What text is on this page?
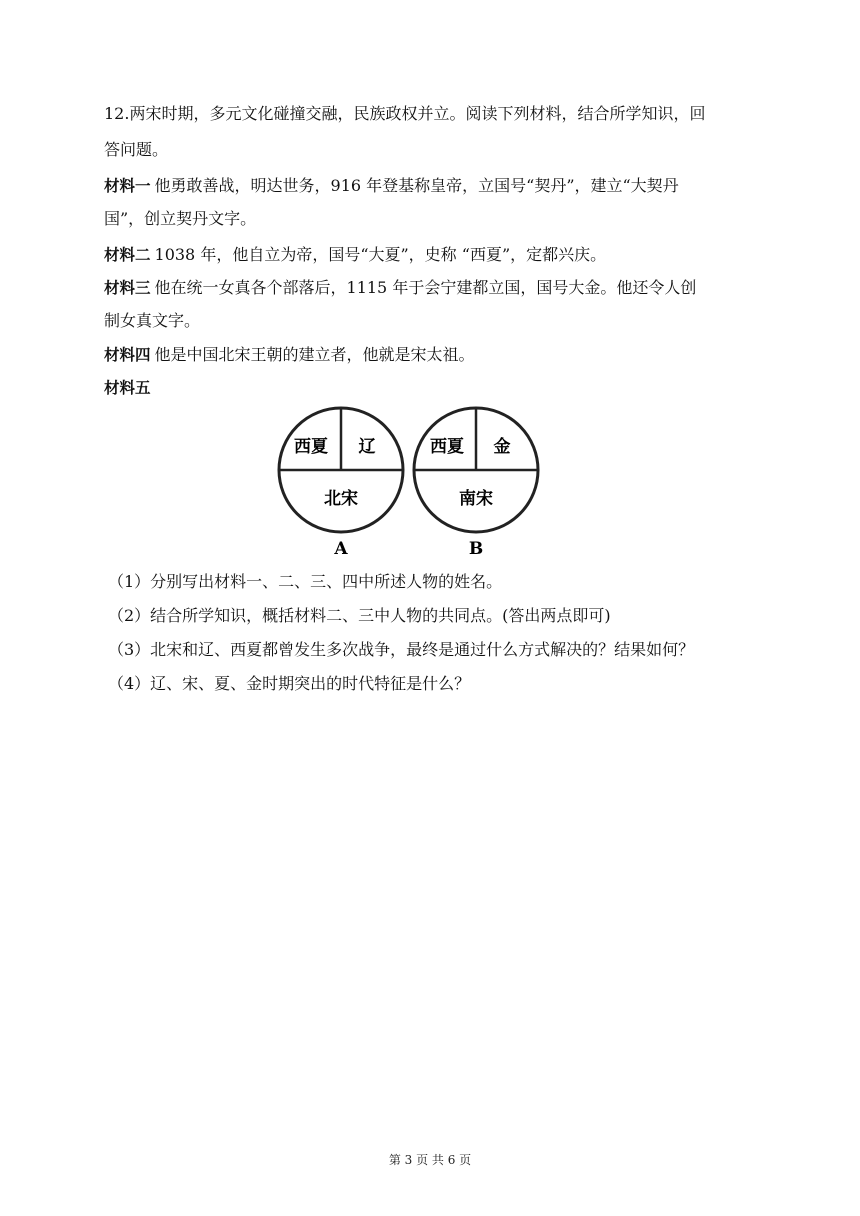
12.两宋时期，多元文化碰撞交融，民族政权并立。阅读下列材料，结合所学知识，回
答问题。
材料一 他勇敢善战，明达世务，916 年登基称皇帝，立国号“契丹”，建立“大契丹
国”，创立契丹文字。
材料二 1038 年，他自立为帝，国号“大夏”，史称 “西夏”，定都兴庆。
材料三 他在统一女真各个部落后，1115 年于会宁建都立国，国号大金。他还令人创
制女真文字。
材料四 他是中国北宋王朝的建立者，他就是宋太祖。
材料五
西夏 辽
北宋
A
西夏 金
南宋
B
（1）分别写出材料一、二、三、四中所述人物的姓名。
（2）结合所学知识，概括材料二、三中人物的共同点。(答出两点即可)
（3）北宋和辽、西夏都曾发生多次战争，最终是通过什么方式解决的？结果如何？
（4）辽、宋、夏、金时期突出的时代特征是什么？
第 3 页 共 6 页
